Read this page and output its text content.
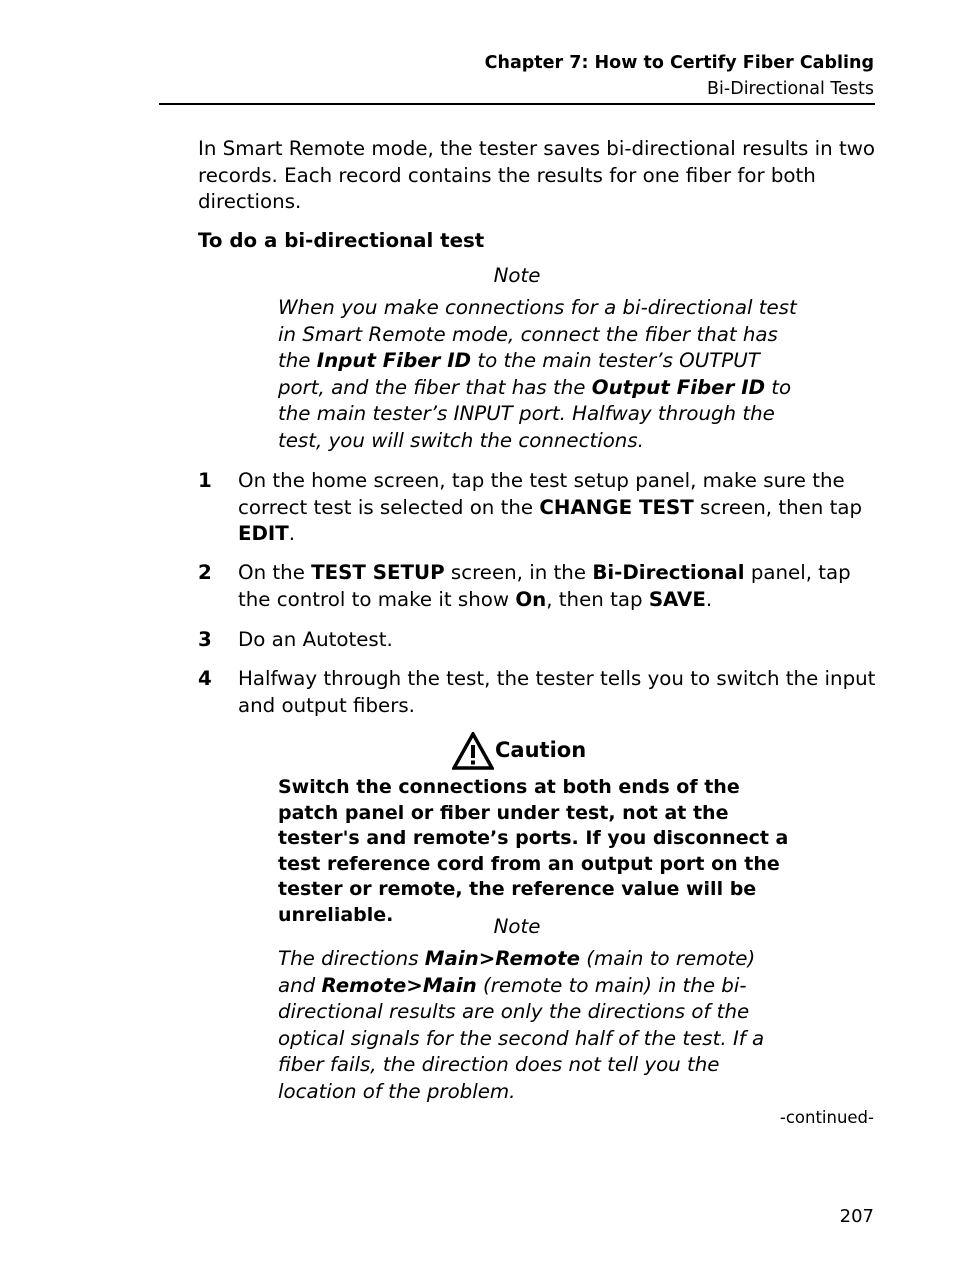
Chapter 7: How to Certify Fiber Cabling
Bi-Directional Tests

In Smart Remote mode, the tester saves bi-directional results in two records. Each record contains the results for one fiber for both directions.

To do a bi-directional test

Note

When you make connections for a bi-directional test in Smart Remote mode, connect the fiber that has the Input Fiber ID to the main tester’s OUTPUT port, and the fiber that has the Output Fiber ID to the main tester’s INPUT port. Halfway through the test, you will switch the connections.

1 On the home screen, tap the test setup panel, make sure the correct test is selected on the CHANGE TEST screen, then tap EDIT.
2 On the TEST SETUP screen, in the Bi-Directional panel, tap the control to make it show On, then tap SAVE.
3 Do an Autotest.
4 Halfway through the test, the tester tells you to switch the input and output fibers.
Caution

Switch the connections at both ends of the patch panel or fiber under test, not at the tester's and remote’s ports. If you disconnect a test reference cord from an output port on the tester or remote, the reference value will be unreliable.

Note

The directions Main>Remote (main to remote) and Remote>Main (remote to main) in the bi-directional results are only the directions of the optical signals for the second half of the test. If a fiber fails, the direction does not tell you the location of the problem.

-continued-
207
